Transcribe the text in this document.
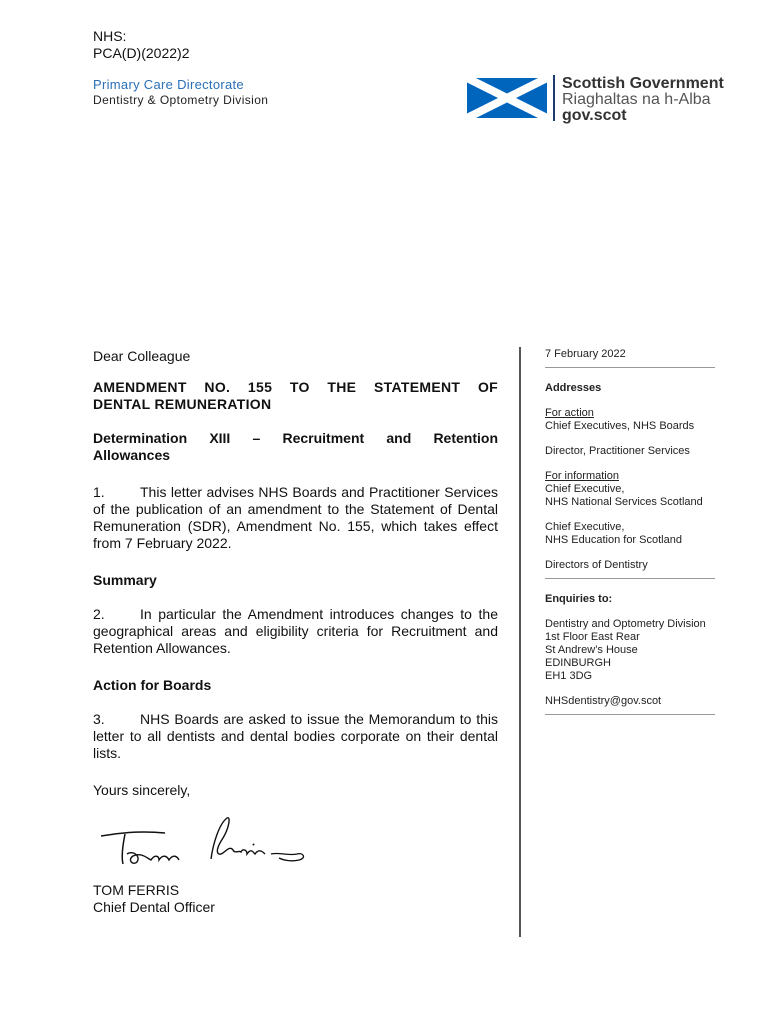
NHS:
PCA(D)(2022)2
Primary Care Directorate
Dentistry & Optometry Division
Scottish Government
Riaghaltas na h-Alba
gov.scot

Dear Colleague

AMENDMENT NO. 155 TO THE STATEMENT OF

DENTAL REMUNERATION

Determination XIII – Recruitment and Retention

Allowances

1.	This letter advises NHS Boards and Practitioner Services of the publication of an amendment to the Statement of Dental Remuneration (SDR), Amendment No. 155, which takes effect from 7 February 2022.

Summary

2.	In particular the Amendment introduces changes to the geographical areas and eligibility criteria for Recruitment and Retention Allowances.

Action for Boards

3.	NHS Boards are asked to issue the Memorandum to this letter to all dentists and dental bodies corporate on their dental lists.

Yours sincerely,

TOM FERRIS

Chief Dental Officer

7 February 2022

Addresses

For action

Chief Executives, NHS Boards

Director, Practitioner Services

For information

Chief Executive,

NHS National Services Scotland

Chief Executive,

NHS Education for Scotland

Directors of Dentistry

Enquiries to:

Dentistry and Optometry Division

1st Floor East Rear

St Andrew’s House

EDINBURGH

EH1 3DG

NHSdentistry@gov.scot
